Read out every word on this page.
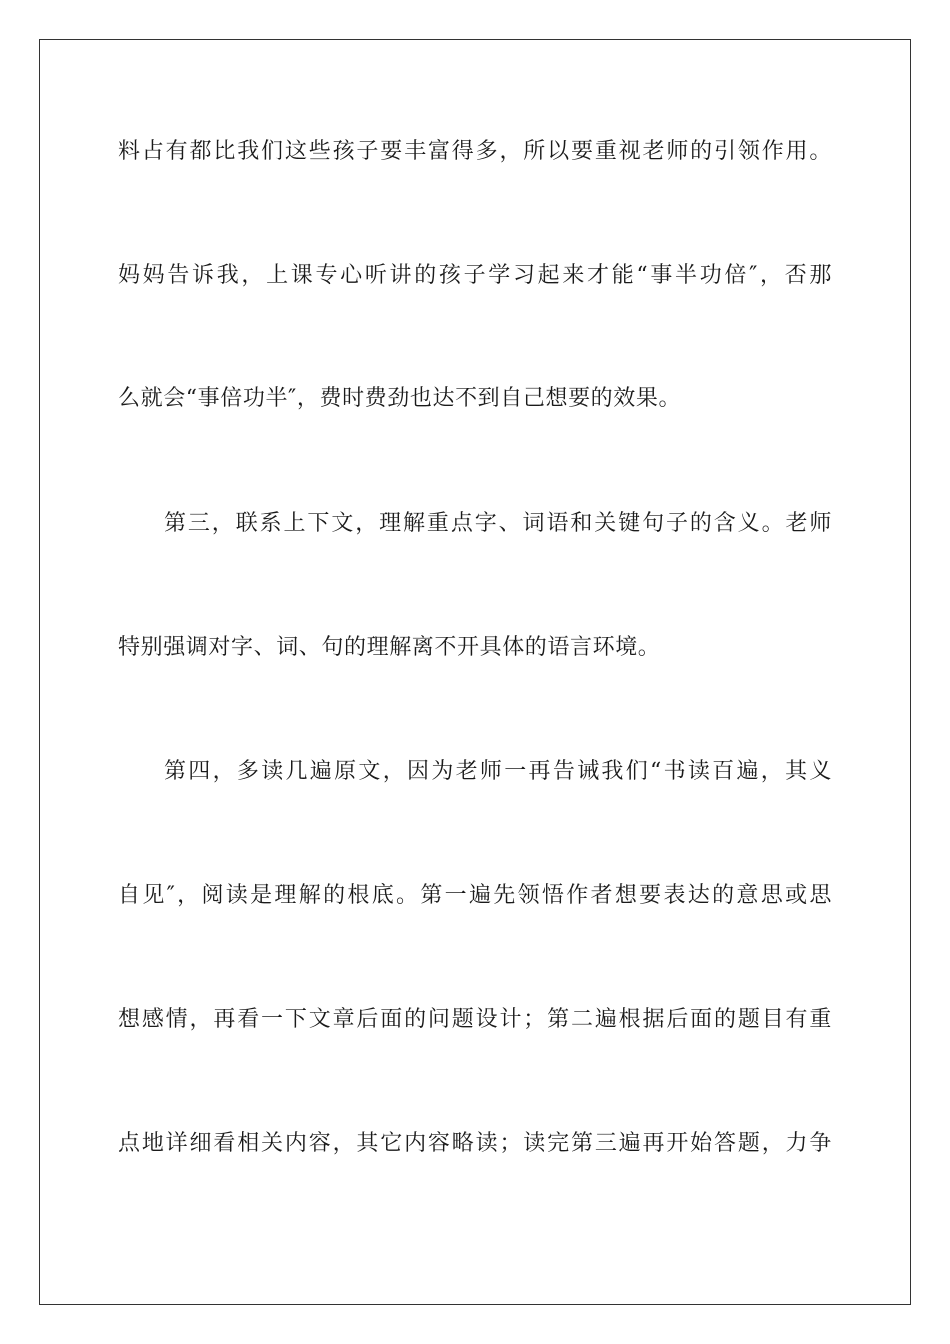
料占有都比我们这些孩子要丰富得多，所以要重视老师的引领作用。
妈妈告诉我，上课专心听讲的孩子学习起来才能“事半功倍″，否那
么就会“事倍功半″，费时费劲也达不到自己想要的效果。
第三，联系上下文，理解重点字、词语和关键句子的含义。老师
特别强调对字、词、句的理解离不开具体的语言环境。
第四，多读几遍原文，因为老师一再告诫我们“书读百遍，其义
自见″，阅读是理解的根底。第一遍先领悟作者想要表达的意思或思
想感情，再看一下文章后面的问题设计；第二遍根据后面的题目有重
点地详细看相关内容，其它内容略读；读完第三遍再开始答题，力争
